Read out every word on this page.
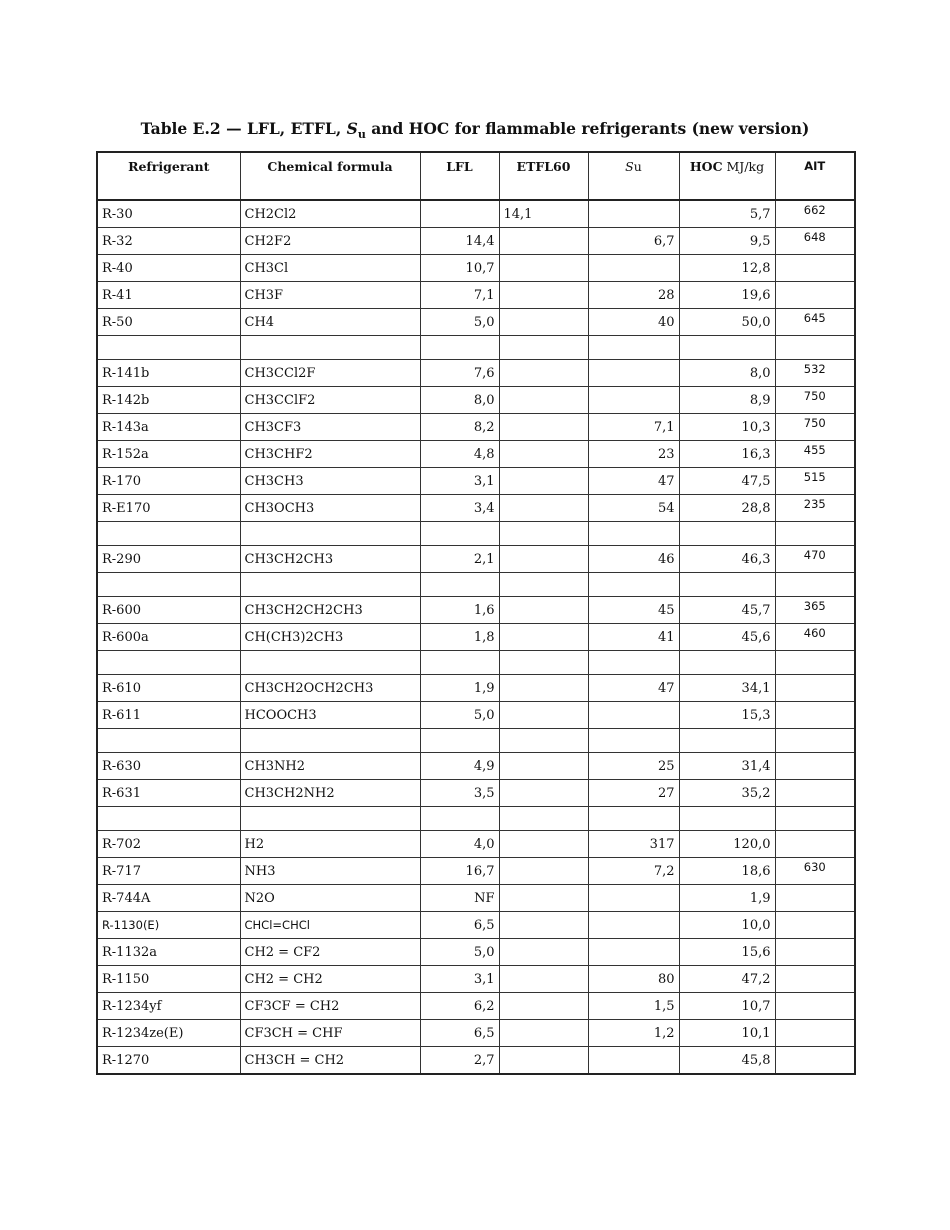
Table E.2 — LFL, ETFL, $S_u$ and HOC for flammable refrigerants (new version)
Refrigerant	Chemical formula	LFL	ETFL60	Su	HOC MJ/kg	AIT
R-30	CH2Cl2		14,1		5,7	662
R-32	CH2F2	14,4		6,7	9,5	648
R-40	CH3Cl	10,7			12,8	
R-41	CH3F	7,1		28	19,6	
R-50	CH4	5,0		40	50,0	645

R-141b	CH3CCl2F	7,6			8,0	532
R-142b	CH3CClF2	8,0			8,9	750
R-143a	CH3CF3	8,2		7,1	10,3	750
R-152a	CH3CHF2	4,8		23	16,3	455
R-170	CH3CH3	3,1		47	47,5	515
R-E170	CH3OCH3	3,4		54	28,8	235

R-290	CH3CH2CH3	2,1		46	46,3	470

R-600	CH3CH2CH2CH3	1,6		45	45,7	365
R-600a	CH(CH3)2CH3	1,8		41	45,6	460

R-610	CH3CH2OCH2CH3	1,9		47	34,1	
R-611	HCOOCH3	5,0			15,3	

R-630	CH3NH2	4,9		25	31,4	
R-631	CH3CH2NH2	3,5		27	35,2	

R-702	H2	4,0		317	120,0	
R-717	NH3	16,7		7,2	18,6	630
R-744A	N2O	NF			1,9	
R-1130(E)	CHCl=CHCl	6,5			10,0	
R-1132a	CH2 = CF2	5,0			15,6	
R-1150	CH2 = CH2	3,1		80	47,2	
R-1234yf	CF3CF = CH2	6,2		1,5	10,7	
R-1234ze(E)	CF3CH = CHF	6,5		1,2	10,1	
R-1270	CH3CH = CH2	2,7			45,8	
